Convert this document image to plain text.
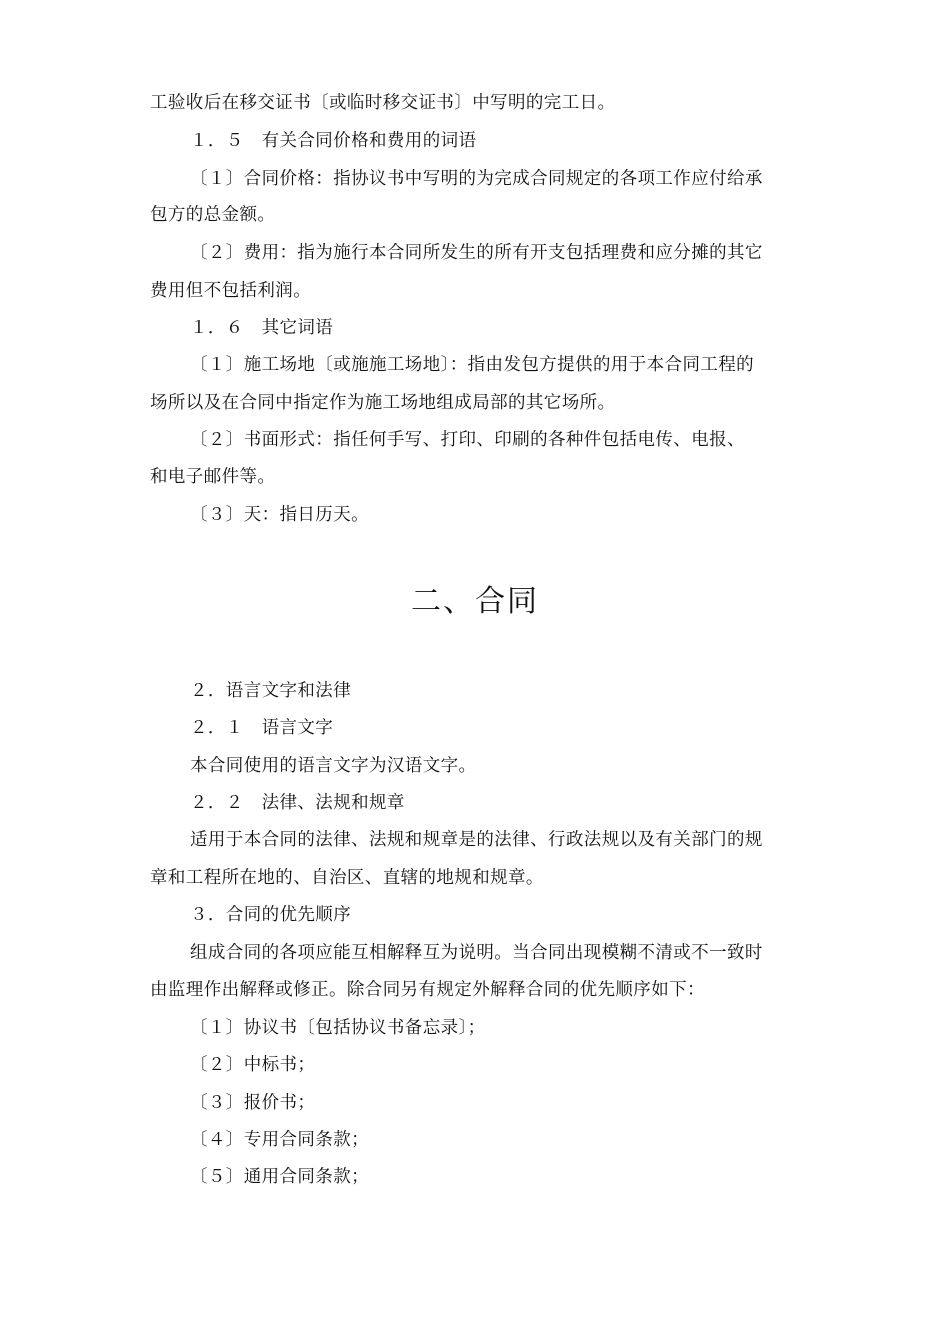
工验收后在移交证书〔或临时移交证书〕中写明的完工日。
１．５　有关合同价格和费用的词语
〔１〕合同价格：指协议书中写明的为完成合同规定的各项工作应付给承
包方的总金额。
〔２〕费用：指为施行本合同所发生的所有开支包括理费和应分摊的其它
费用但不包括利润。
１．６　其它词语
〔１〕施工场地〔或施施工场地〕：指由发包方提供的用于本合同工程的
场所以及在合同中指定作为施工场地组成局部的其它场所。
〔２〕书面形式：指任何手写、打印、印刷的各种件包括电传、电报、
和电子邮件等。
〔３〕天：指日历天。
二、合同
２．语言文字和法律
２．１　语言文字
本合同使用的语言文字为汉语文字。
２．２　法律、法规和规章
适用于本合同的法律、法规和规章是的法律、行政法规以及有关部门的规
章和工程所在地的、自治区、直辖的地规和规章。
３．合同的优先顺序
组成合同的各项应能互相解释互为说明。当合同出现模糊不清或不一致时
由监理作出解释或修正。除合同另有规定外解释合同的优先顺序如下：
〔１〕协议书〔包括协议书备忘录〕；
〔２〕中标书；
〔３〕报价书；
〔４〕专用合同条款；
〔５〕通用合同条款；
